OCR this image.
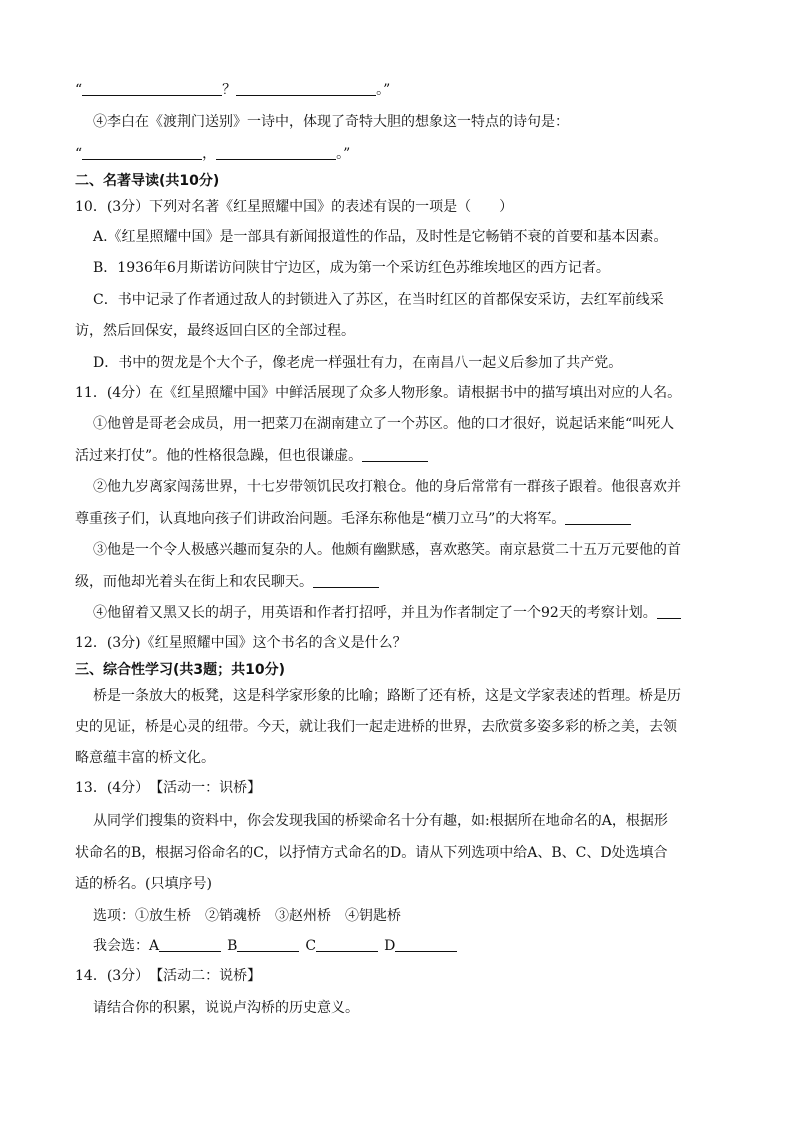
“	？	。”
④李白在《渡荆门送别》一诗中，体现了奇特大胆的想象这一特点的诗句是：
“	，	。”
二、名著导读(共10分)
10．(3分）下列对名著《红星照耀中国》的表述有误的一项是（　　）
A.《红星照耀中国》是一部具有新闻报道性的作品，及时性是它畅销不衰的首要和基本因素。
B．1936年6月斯诺访问陕甘宁边区，成为第一个采访红色苏维埃地区的西方记者。
C．书中记录了作者通过敌人的封锁进入了苏区，在当时红区的首都保安采访，去红军前线采
访，然后回保安，最终返回白区的全部过程。
D．书中的贺龙是个大个子，像老虎一样强壮有力，在南昌八一起义后参加了共产党。
11．(4分）在《红星照耀中国》中鲜活展现了众多人物形象。请根据书中的描写填出对应的人名。
①他曾是哥老会成员，用一把菜刀在湖南建立了一个苏区。他的口才很好，说起话来能“叫死人
活过来打仗”。他的性格很急躁，但也很谦虚。
②他九岁离家闯荡世界，十七岁带领饥民攻打粮仓。他的身后常常有一群孩子跟着。他很喜欢并
尊重孩子们，认真地向孩子们讲政治问题。毛泽东称他是“横刀立马”的大将军。
③他是一个令人极感兴趣而复杂的人。他颇有幽默感，喜欢憨笑。南京悬赏二十五万元要他的首
级，而他却光着头在街上和农民聊天。
④他留着又黑又长的胡子，用英语和作者打招呼，并且为作者制定了一个92天的考察计划。
12．(3分)《红星照耀中国》这个书名的含义是什么？
三、综合性学习(共3题；共10分)
桥是一条放大的板凳，这是科学家形象的比喻；路断了还有桥，这是文学家表述的哲理。桥是历
史的见证，桥是心灵的纽带。今天，就让我们一起走进桥的世界，去欣赏多姿多彩的桥之美，去领
略意蕴丰富的桥文化。
13．(4分）　【活动一：识桥】
从同学们搜集的资料中，你会发现我国的桥梁命名十分有趣，如:根据所在地命名的A，根据形
状命名的B，根据习俗命名的C，以抒情方式命名的D。请从下列选项中给A、B、C、D处选填合
适的桥名。(只填序号)
选项：①放生桥 ②销魂桥 ③赵州桥 ④钥匙桥
我会选：A	B	C	D
14．(3分）　【活动二：说桥】
请结合你的积累，说说卢沟桥的历史意义。
